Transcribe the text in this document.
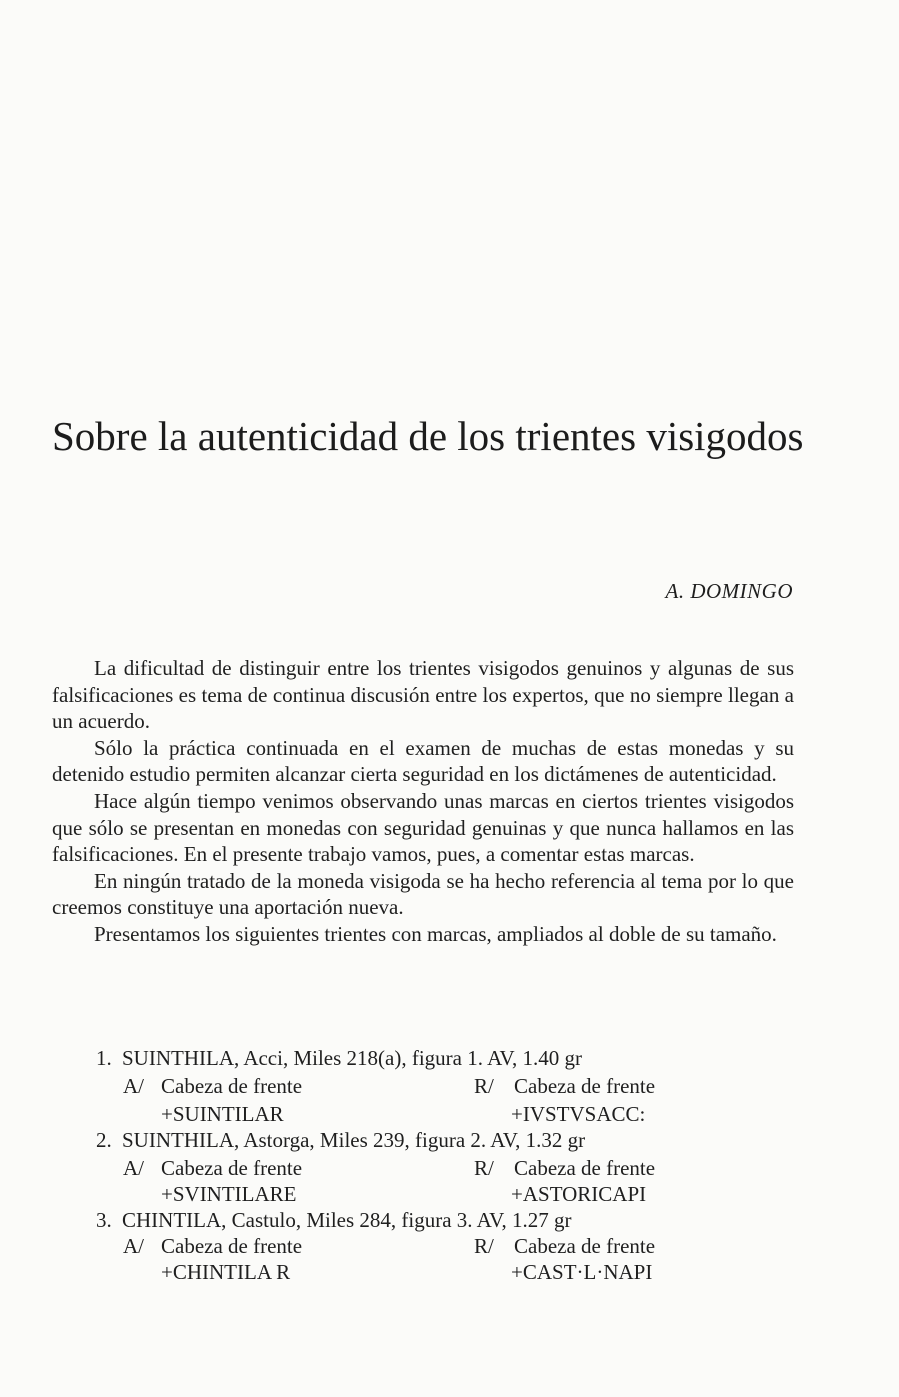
Sobre la autenticidad de los trientes visigodos
A. DOMINGO

La dificultad de distinguir entre los trientes visigodos genuinos y algunas de sus falsificaciones es tema de continua discusión entre los expertos, que no siempre llegan a un acuerdo.

Sólo la práctica continuada en el examen de muchas de estas monedas y su detenido estudio permiten alcanzar cierta seguridad en los dictámenes de autenticidad.

Hace algún tiempo venimos observando unas marcas en ciertos trientes visigodos que sólo se presentan en monedas con seguridad genuinas y que nunca hallamos en las falsificaciones. En el presente trabajo vamos, pues, a comentar estas marcas.

En ningún tratado de la moneda visigoda se ha hecho referencia al tema por lo que creemos constituye una aportación nueva.

Presentamos los siguientes trientes con marcas, ampliados al doble de su tamaño.

1. SUINTHILA, Acci, Miles 218(a), figura 1. AV, 1.40 gr
A/ Cabeza de frente	R/ Cabeza de frente
+SUINTILAR	+IVSTVSACC:
2. SUINTHILA, Astorga, Miles 239, figura 2. AV, 1.32 gr
A/ Cabeza de frente	R/ Cabeza de frente
+SVINTILARE	+ASTORICAPI
3. CHINTILA, Castulo, Miles 284, figura 3. AV, 1.27 gr
A/ Cabeza de frente	R/ Cabeza de frente
+CHINTILA R	+CAST·L·NAPI
